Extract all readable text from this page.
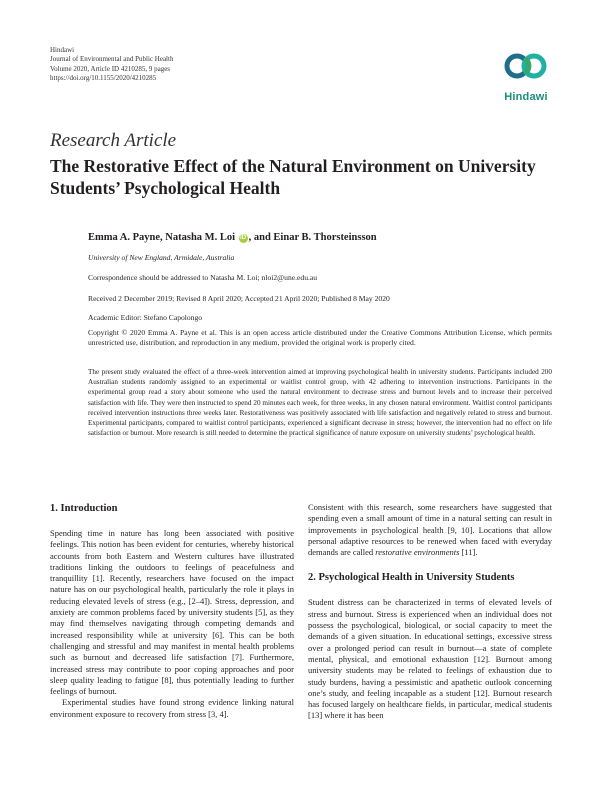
Hindawi
Journal of Environmental and Public Health
Volume 2020, Article ID 4210285, 9 pages
https://doi.org/10.1155/2020/4210285
Hindawi
Research Article
The Restorative Effect of the Natural Environment on University Students’ Psychological Health
Emma A. Payne, Natasha M. Loi iD , and Einar B. Thorsteinsson
University of New England, Armidale, Australia
Correspondence should be addressed to Natasha M. Loi; nloi2@une.edu.au
Received 2 December 2019; Revised 8 April 2020; Accepted 21 April 2020; Published 8 May 2020
Academic Editor: Stefano Capolongo
Copyright © 2020 Emma A. Payne et al. This is an open access article distributed under the Creative Commons Attribution License, which permits unrestricted use, distribution, and reproduction in any medium, provided the original work is properly cited.
The present study evaluated the effect of a three-week intervention aimed at improving psychological health in university students. Participants included 200 Australian students randomly assigned to an experimental or waitlist control group, with 42 adhering to intervention instructions. Participants in the experimental group read a story about someone who used the natural environment to decrease stress and burnout levels and to increase their perceived satisfaction with life. They were then instructed to spend 20 minutes each week, for three weeks, in any chosen natural environment. Waitlist control participants received intervention instructions three weeks later. Restorativeness was positively associated with life satisfaction and negatively related to stress and burnout. Experimental participants, compared to waitlist control participants, experienced a significant decrease in stress; however, the intervention had no effect on life satisfaction or burnout. More research is still needed to determine the practical significance of nature exposure on university students’ psychological health.
1. Introduction

Spending time in nature has long been associated with positive feelings. This notion has been evident for centuries, whereby historical accounts from both Eastern and Western cultures have illustrated traditions linking the outdoors to feelings of peacefulness and tranquillity [1]. Recently, researchers have focused on the impact nature has on our psychological health, particularly the role it plays in reducing elevated levels of stress (e.g., [2–4]). Stress, depression, and anxiety are common problems faced by university students [5], as they may find themselves navigating through competing demands and increased responsibility while at university [6]. This can be both challenging and stressful and may manifest in mental health problems such as burnout and decreased life satisfaction [7]. Furthermore, increased stress may contribute to poor coping approaches and poor sleep quality leading to fatigue [8], thus potentially leading to further feelings of burnout.

Experimental studies have found strong evidence linking natural environment exposure to recovery from stress [3, 4].

Consistent with this research, some researchers have suggested that spending even a small amount of time in a natural setting can result in improvements in psychological health [9, 10]. Locations that allow personal adaptive resources to be renewed when faced with everyday demands are called restorative environments [11].

2. Psychological Health in University Students

Student distress can be characterized in terms of elevated levels of stress and burnout. Stress is experienced when an individual does not possess the psychological, biological, or social capacity to meet the demands of a given situation. In educational settings, excessive stress over a prolonged period can result in burnout—a state of complete mental, physical, and emotional exhaustion [12]. Burnout among university students may be related to feelings of exhaustion due to study burdens, having a pessimistic and apathetic outlook concerning one’s study, and feeling incapable as a student [12]. Burnout research has focused largely on healthcare fields, in particular, medical students [13] where it has been
